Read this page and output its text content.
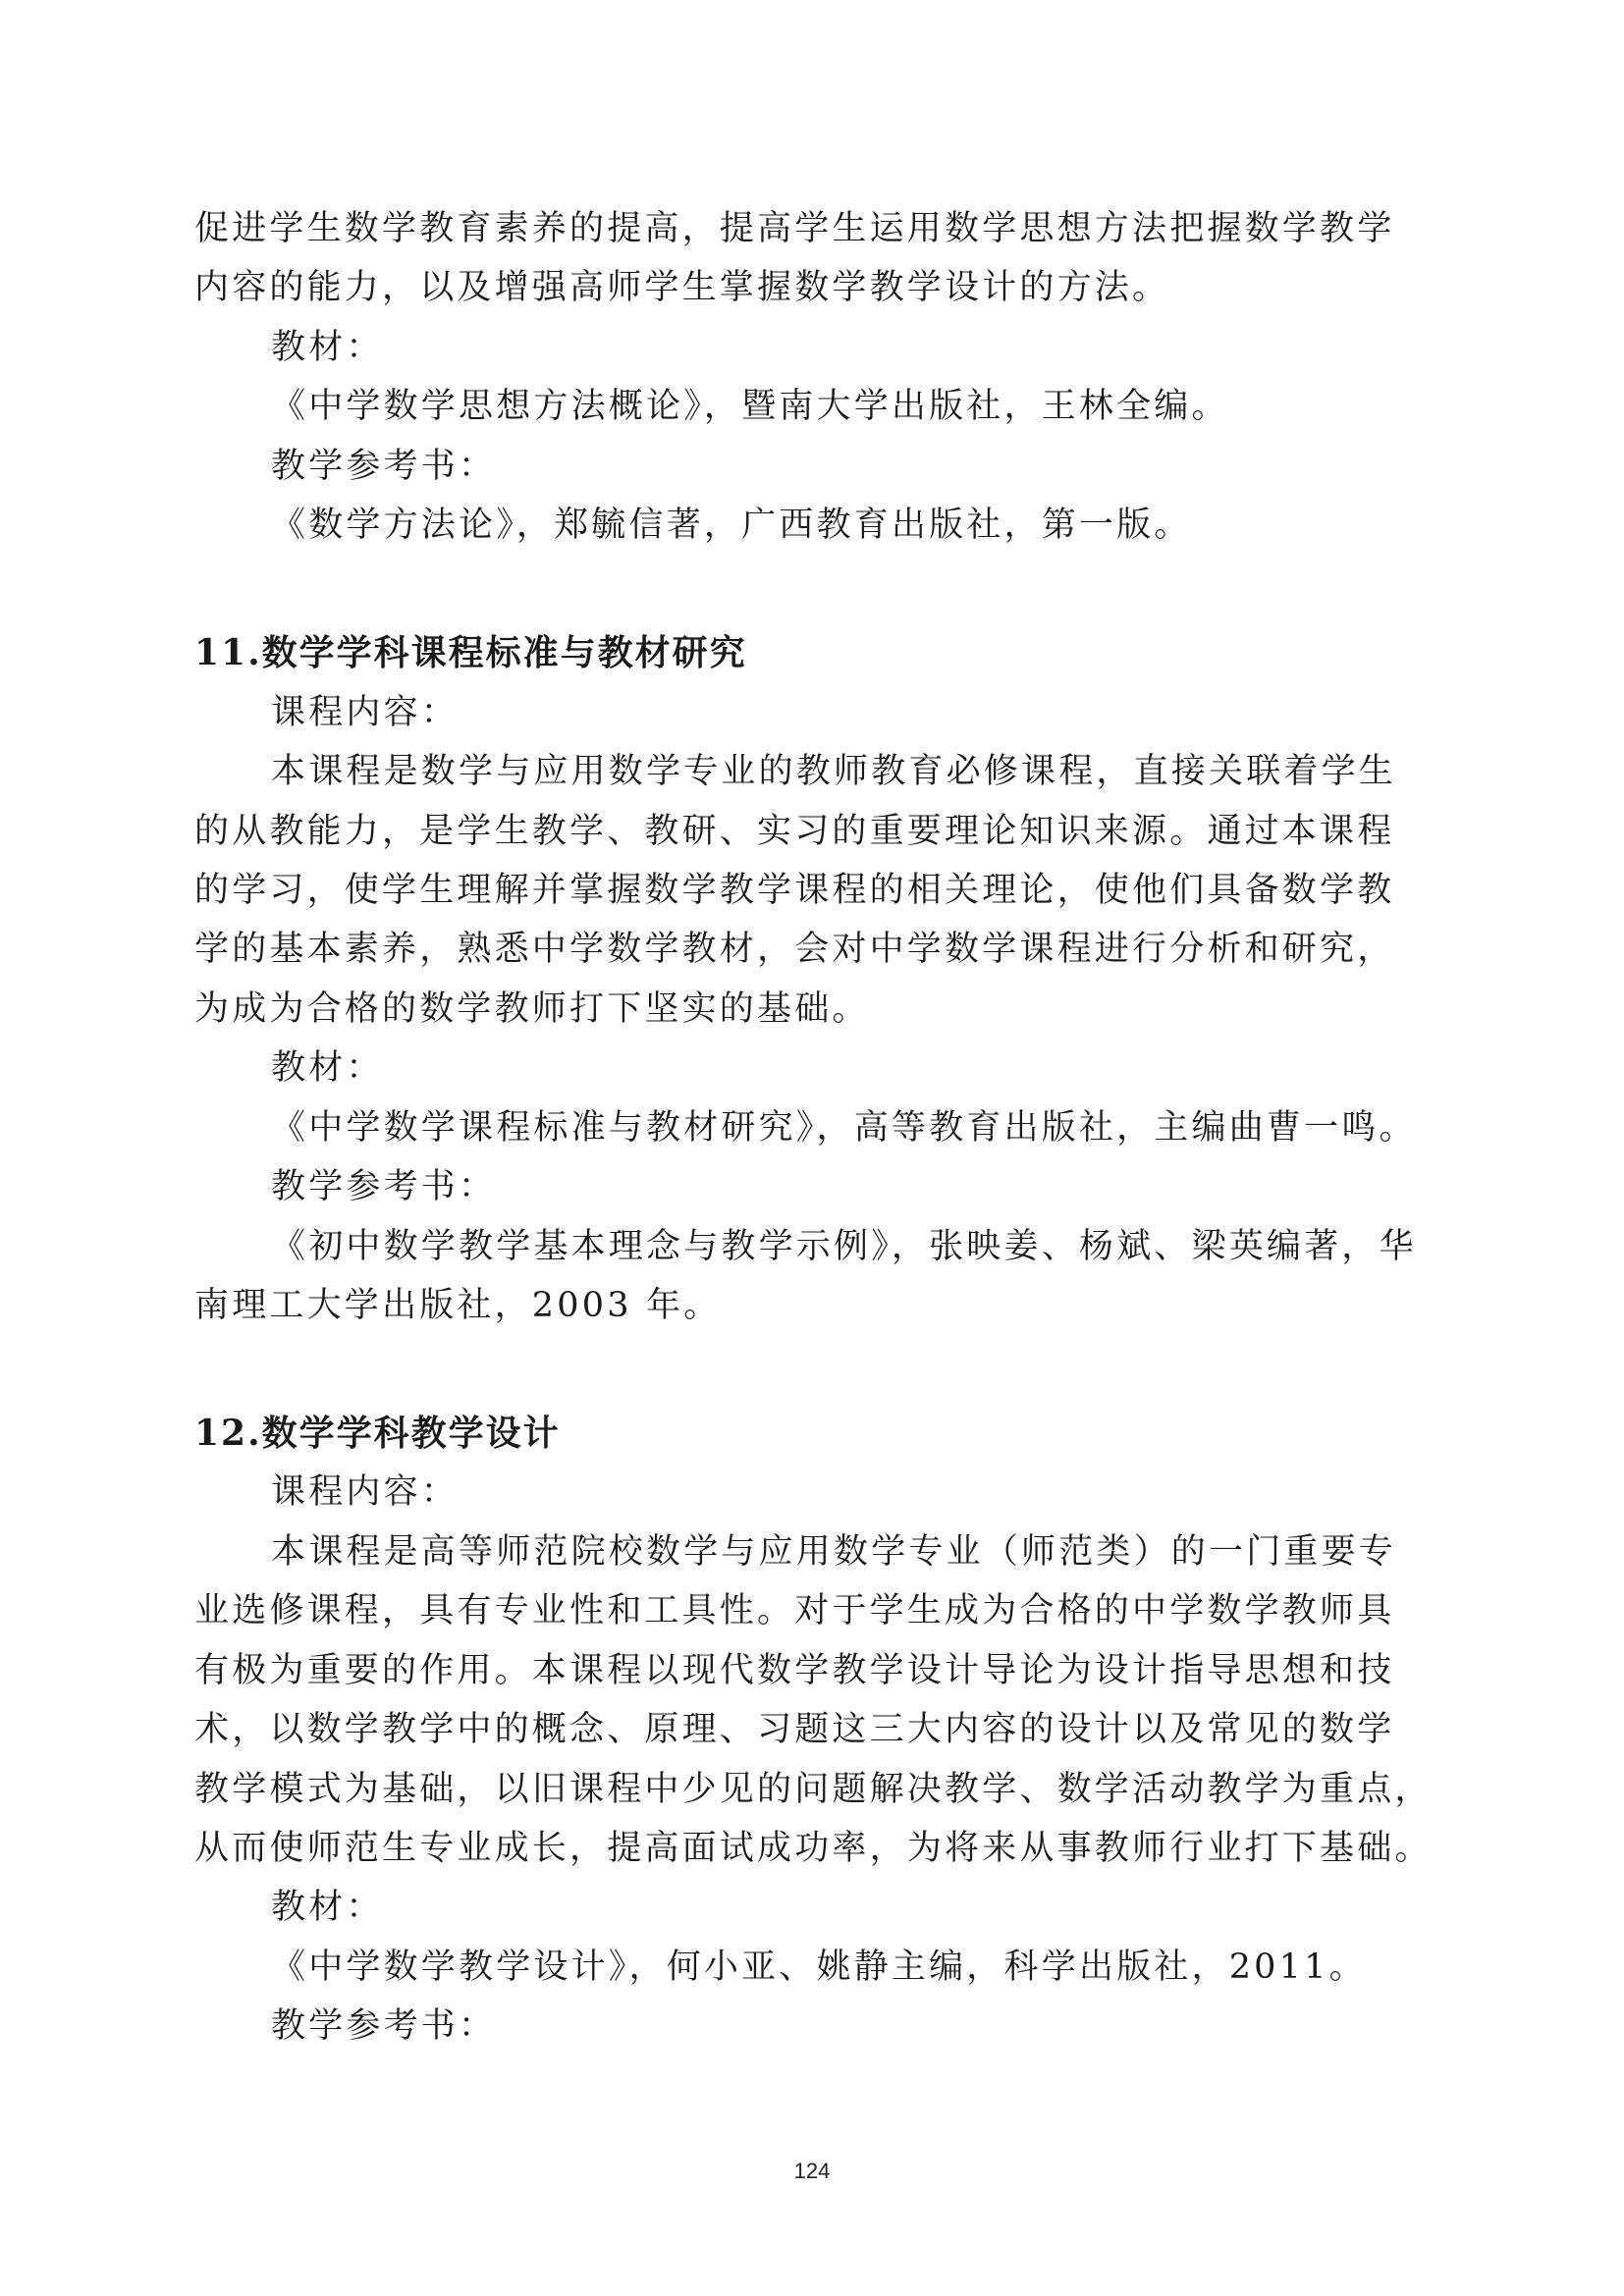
促进学生数学教育素养的提高，提高学生运用数学思想方法把握数学教学
内容的能力，以及增强高师学生掌握数学教学设计的方法。
教材：
《中学数学思想方法概论》，暨南大学出版社，王林全编。
教学参考书：
《数学方法论》，郑毓信著，广西教育出版社，第一版。
11.数学学科课程标准与教材研究
课程内容：
本课程是数学与应用数学专业的教师教育必修课程，直接关联着学生
的从教能力，是学生教学、教研、实习的重要理论知识来源。通过本课程
的学习，使学生理解并掌握数学教学课程的相关理论，使他们具备数学教
学的基本素养，熟悉中学数学教材，会对中学数学课程进行分析和研究，
为成为合格的数学教师打下坚实的基础。
教材：
《中学数学课程标准与教材研究》，高等教育出版社，主编曲曹一鸣。
教学参考书：
《初中数学教学基本理念与教学示例》，张映姜、杨斌、梁英编著，华
南理工大学出版社，2003 年。
12.数学学科教学设计
课程内容：
本课程是高等师范院校数学与应用数学专业（师范类）的一门重要专
业选修课程，具有专业性和工具性。对于学生成为合格的中学数学教师具
有极为重要的作用。本课程以现代数学教学设计导论为设计指导思想和技
术，以数学教学中的概念、原理、习题这三大内容的设计以及常见的数学
教学模式为基础，以旧课程中少见的问题解决教学、数学活动教学为重点，
从而使师范生专业成长，提高面试成功率，为将来从事教师行业打下基础。
教材：
《中学数学教学设计》，何小亚、姚静主编，科学出版社，2011。
教学参考书：
124
